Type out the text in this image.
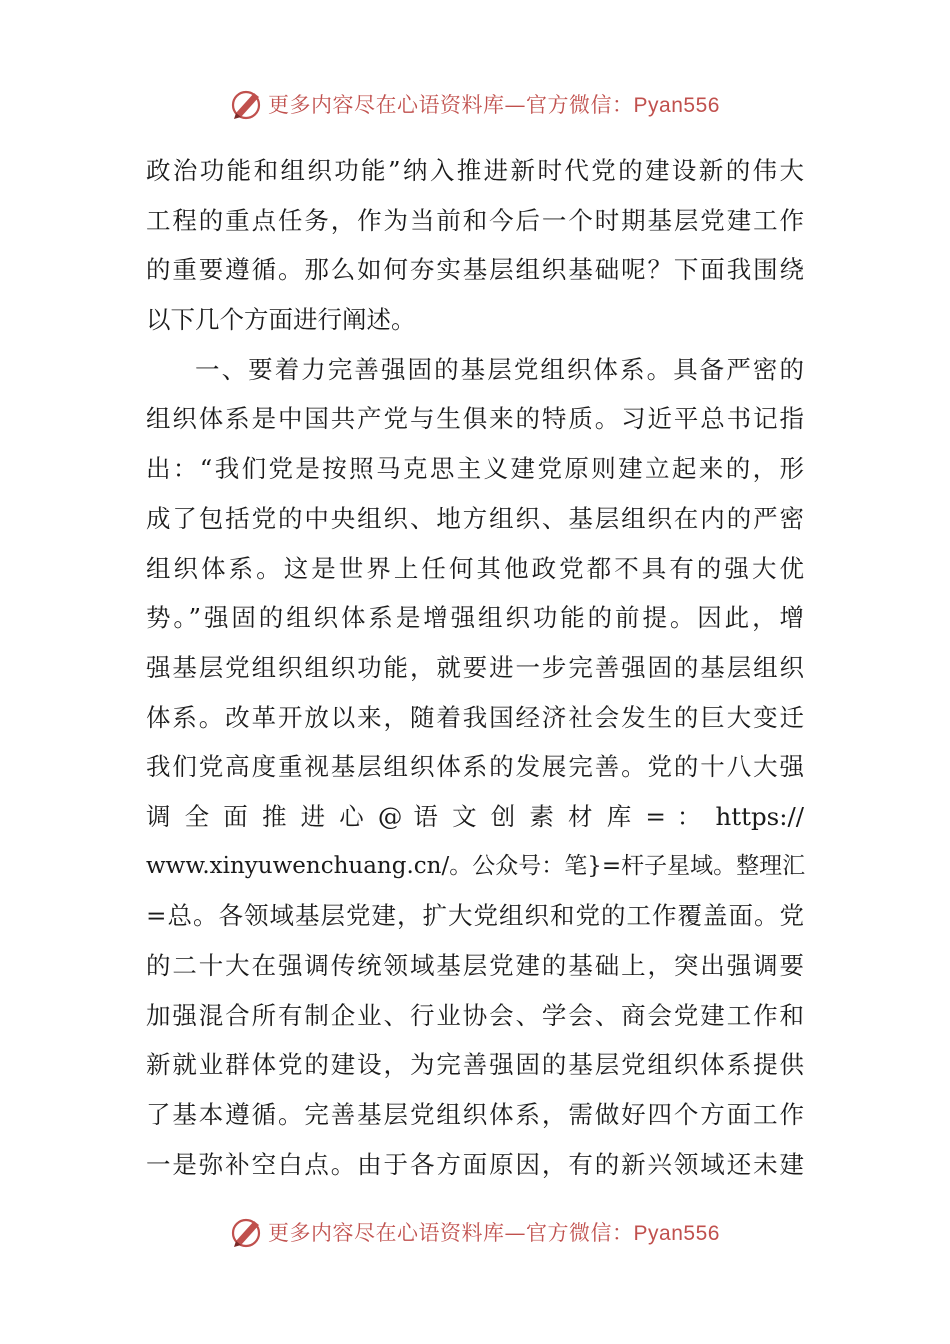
更多内容尽在心语资料库—官方微信：Pyan556
政治功能和组织功能”纳入推进新时代党的建设新的伟大
工程的重点任务，作为当前和今后一个时期基层党建工作
的重要遵循。那么如何夯实基层组织基础呢？下面我围绕
以下几个方面进行阐述。
一、要着力完善强固的基层党组织体系。具备严密的
组织体系是中国共产党与生俱来的特质。习近平总书记指
出：“我们党是按照马克思主义建党原则建立起来的，形
成了包括党的中央组织、地方组织、基层组织在内的严密
组织体系。这是世界上任何其他政党都不具有的强大优
势。”强固的组织体系是增强组织功能的前提。因此，增
强基层党组织组织功能，就要进一步完善强固的基层组织
体系。改革开放以来，随着我国经济社会发生的巨大变迁
我们党高度重视基层组织体系的发展完善。党的十八大强
调 全 面 推 进 心 @ 语 文 创 素 材 库 = ： https://
www.xinyuwenchuang.cn/。公众号：笔}=杆子星域。整理汇
=总。各领域基层党建，扩大党组织和党的工作覆盖面。党
的二十大在强调传统领域基层党建的基础上，突出强调要
加强混合所有制企业、行业协会、学会、商会党建工作和
新就业群体党的建设，为完善强固的基层党组织体系提供
了基本遵循。完善基层党组织体系，需做好四个方面工作
一是弥补空白点。由于各方面原因，有的新兴领域还未建
更多内容尽在心语资料库—官方微信：Pyan556
